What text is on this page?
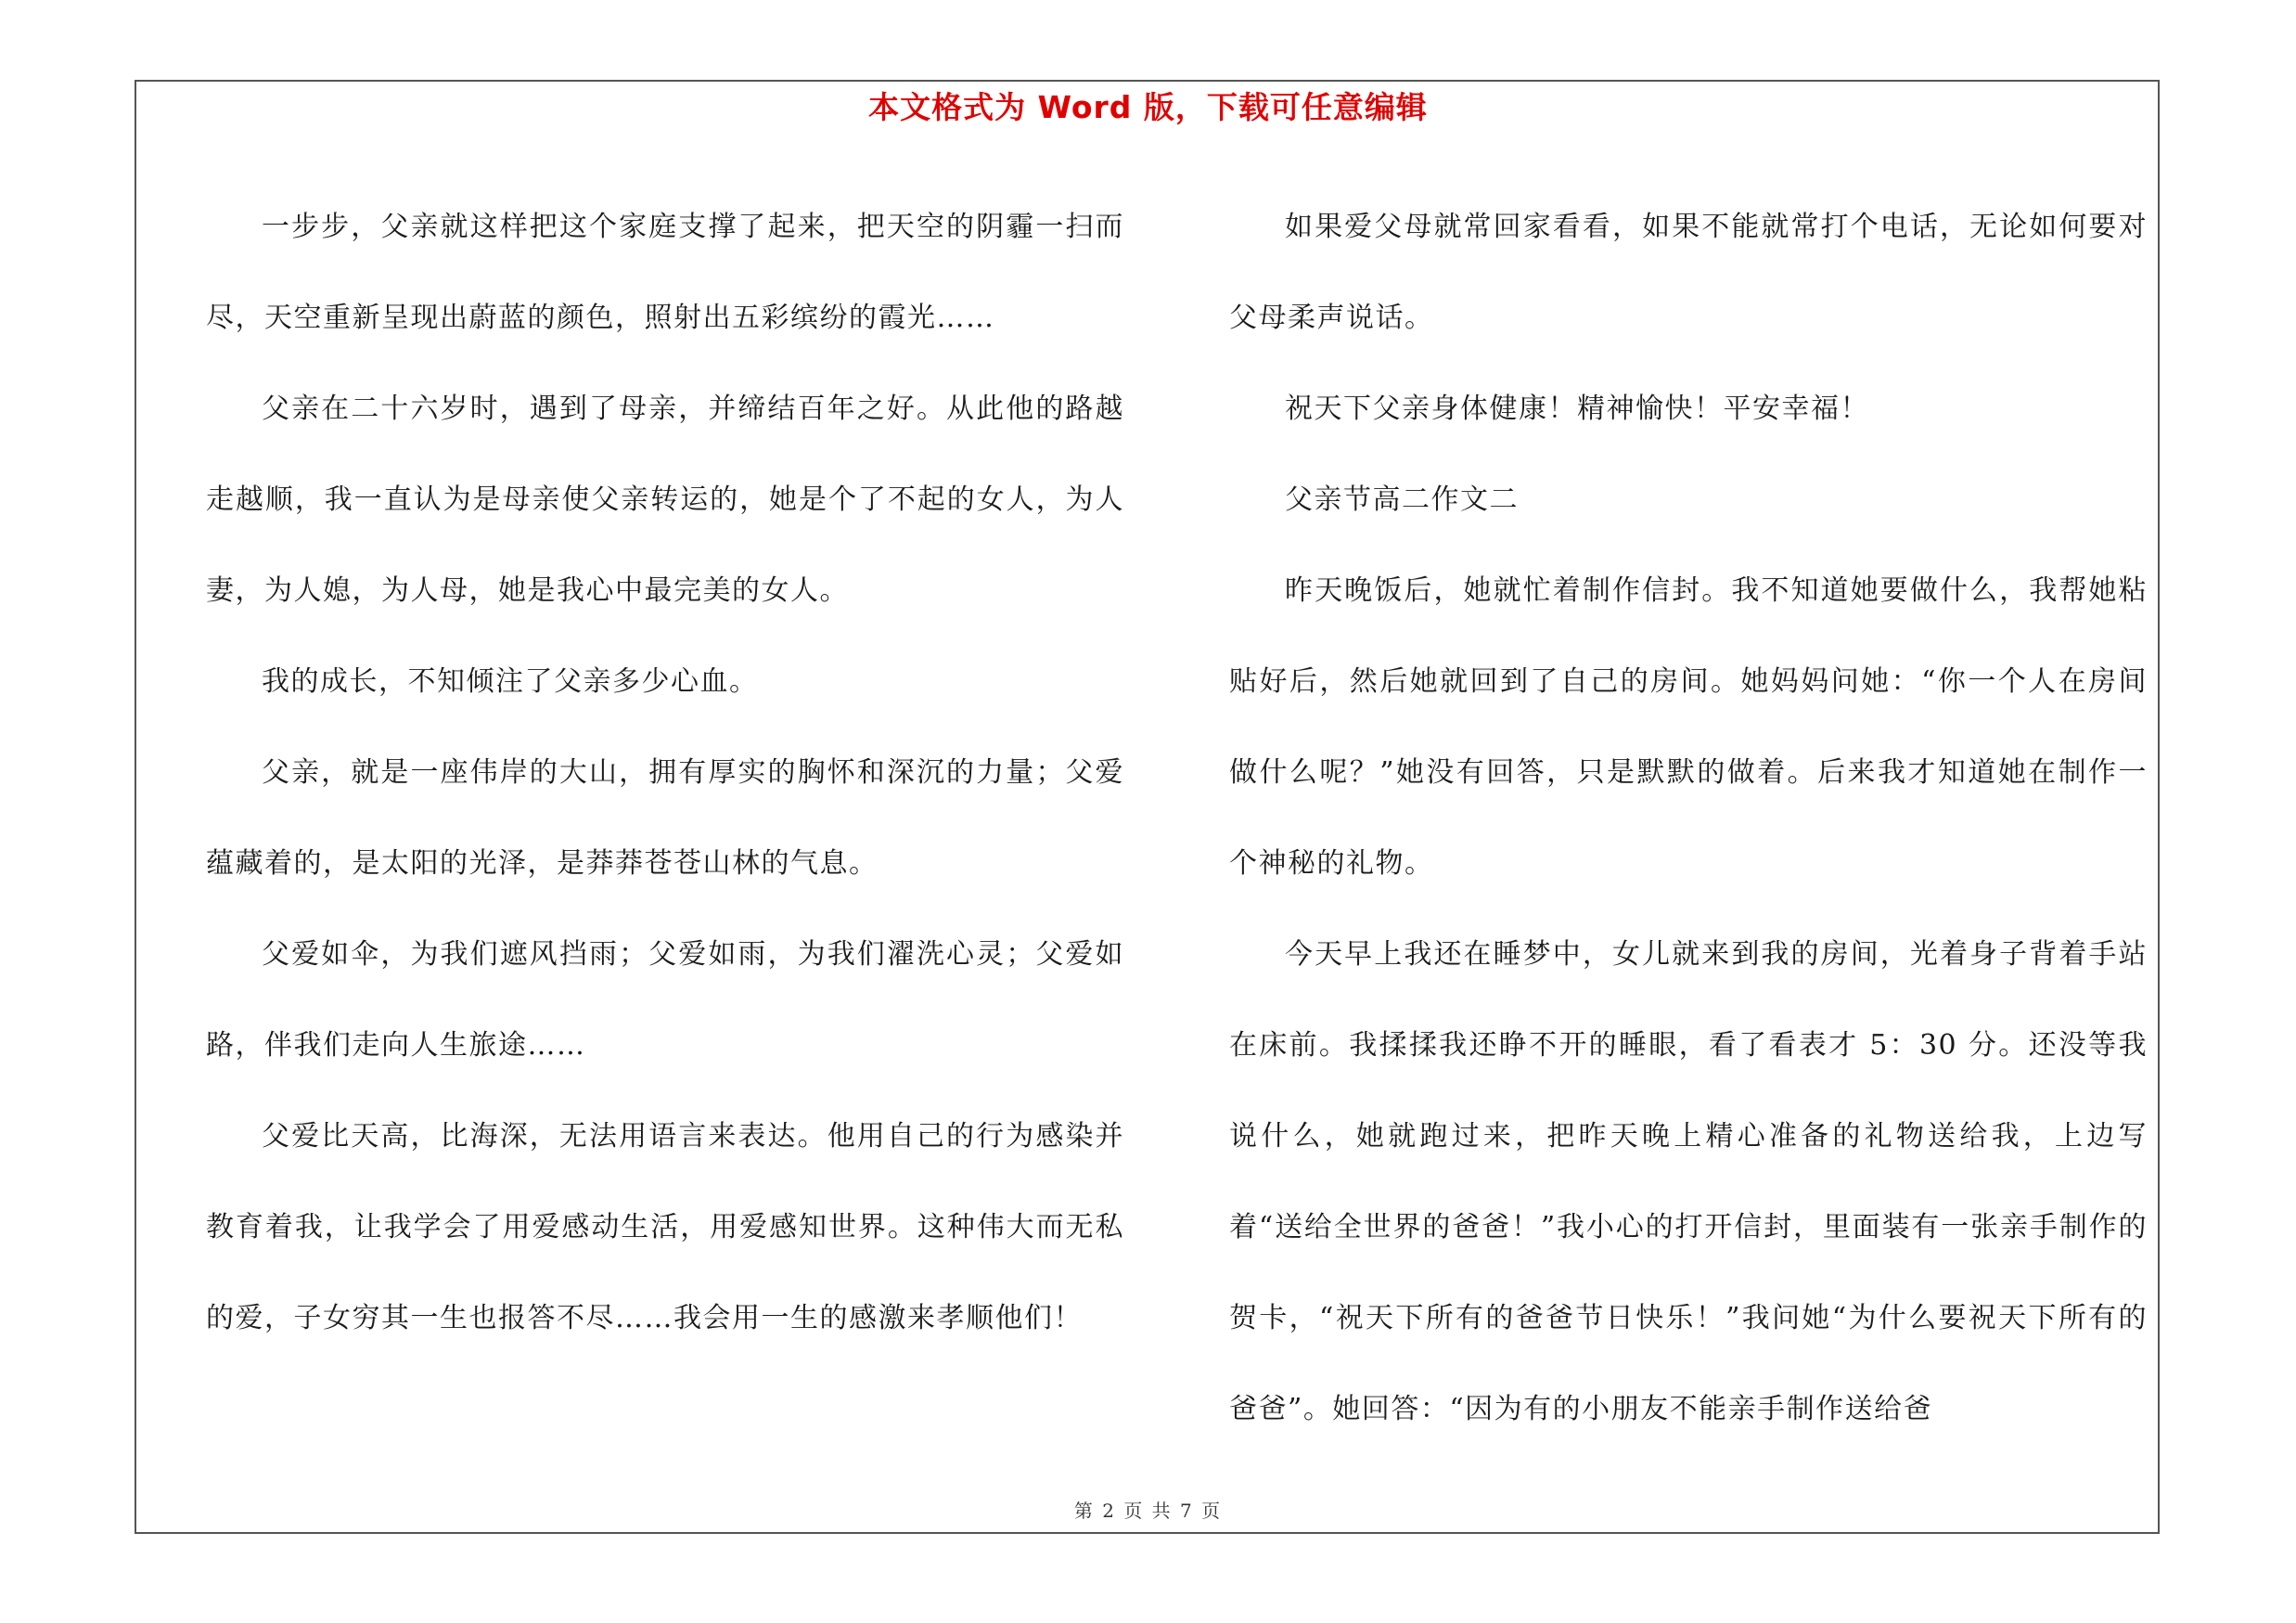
本文格式为 Word 版，下载可任意编辑

一步步，父亲就这样把这个家庭支撑了起来，把天空的阴霾一扫而尽，天空重新呈现出蔚蓝的颜色，照射出五彩缤纷的霞光……

父亲在二十六岁时，遇到了母亲，并缔结百年之好。从此他的路越走越顺，我一直认为是母亲使父亲转运的，她是个了不起的女人，为人妻，为人媳，为人母，她是我心中最完美的女人。

我的成长，不知倾注了父亲多少心血。

父亲，就是一座伟岸的大山，拥有厚实的胸怀和深沉的力量；父爱蕴藏着的，是太阳的光泽，是莽莽苍苍山林的气息。

父爱如伞，为我们遮风挡雨；父爱如雨，为我们濯洗心灵；父爱如路，伴我们走向人生旅途……

父爱比天高，比海深，无法用语言来表达。他用自己的行为感染并教育着我，让我学会了用爱感动生活，用爱感知世界。这种伟大而无私的爱，子女穷其一生也报答不尽……我会用一生的感激来孝顺他们！

如果爱父母就常回家看看，如果不能就常打个电话，无论如何要对父母柔声说话。

祝天下父亲身体健康！精神愉快！平安幸福！

父亲节高二作文二

昨天晚饭后，她就忙着制作信封。我不知道她要做什么，我帮她粘贴好后，然后她就回到了自己的房间。她妈妈问她：“你一个人在房间做什么呢？”她没有回答，只是默默的做着。后来我才知道她在制作一个神秘的礼物。

今天早上我还在睡梦中，女儿就来到我的房间，光着身子背着手站在床前。我揉揉我还睁不开的睡眼，看了看表才 5：30 分。还没等我说什么，她就跑过来，把昨天晚上精心准备的礼物送给我，上边写着“送给全世界的爸爸！”我小心的打开信封，里面装有一张亲手制作的贺卡，“祝天下所有的爸爸节日快乐！”我问她“为什么要祝天下所有的爸爸”。她回答：“因为有的小朋友不能亲手制作送给爸

第 2 页 共 7 页
